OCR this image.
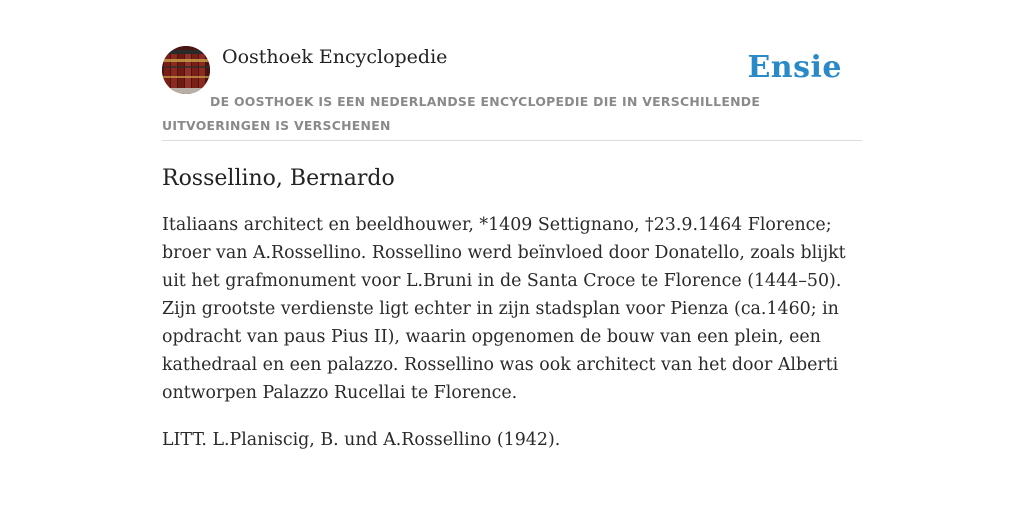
Oosthoek Encyclopedie	Ensie
DE OOSTHOEK IS EEN NEDERLANDSE ENCYCLOPEDIE DIE IN VERSCHILLENDE UITVOERINGEN IS VERSCHENEN
Rossellino, Bernardo

Italiaans architect en beeldhouwer, *1409 Settignano, †23.9.1464 Florence; broer van A.Rossellino. Rossellino werd beïnvloed door Donatello, zoals blijkt uit het grafmonument voor L.Bruni in de Santa Croce te Florence (1444–50). Zijn grootste verdienste ligt echter in zijn stadsplan voor Pienza (ca.1460; in opdracht van paus Pius II), waarin opgenomen de bouw van een plein, een kathedraal en een palazzo. Rossellino was ook architect van het door Alberti ontworpen Palazzo Rucellai te Florence.

LITT. L.Planiscig, B. und A.Rossellino (1942).
